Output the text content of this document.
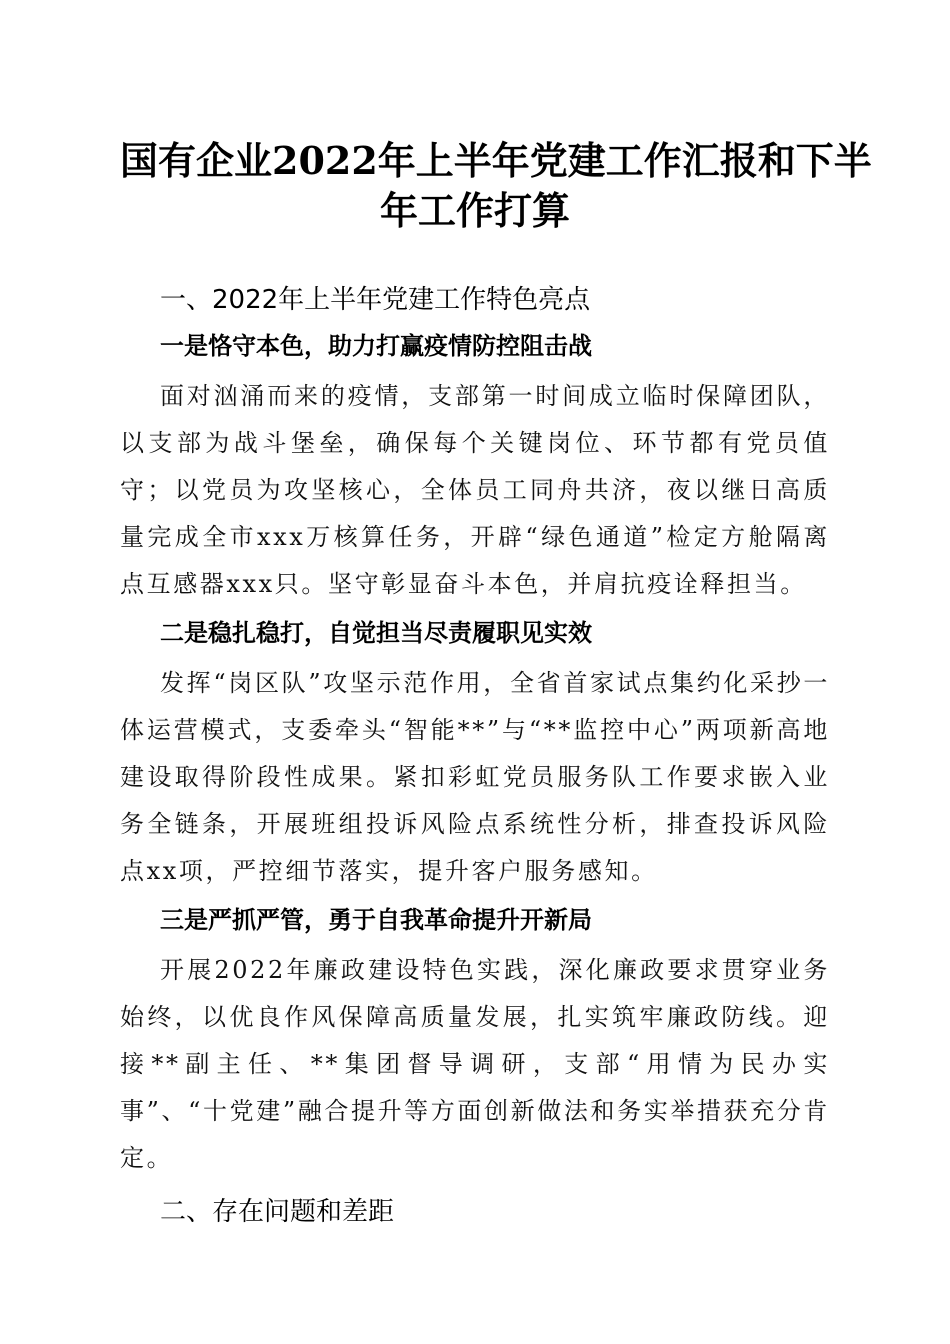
国有企业2022年上半年党建工作汇报和下半
年工作打算

一、2022年上半年党建工作特色亮点

一是恪守本色，助力打赢疫情防控阻击战

面对汹涌而来的疫情，支部第一时间成立临时保障团队，以支部为战斗堡垒，确保每个关键岗位、环节都有党员值守；以党员为攻坚核心，全体员工同舟共济，夜以继日高质量完成全市xxx万核算任务，开辟“绿色通道”检定方舱隔离点互感器xxx只。坚守彰显奋斗本色，并肩抗疫诠释担当。

二是稳扎稳打，自觉担当尽责履职见实效

发挥“岗区队”攻坚示范作用，全省首家试点集约化采抄一体运营模式，支委牵头“智能**”与“**监控中心”两项新高地建设取得阶段性成果。紧扣彩虹党员服务队工作要求嵌入业务全链条，开展班组投诉风险点系统性分析，排查投诉风险点xx项，严控细节落实，提升客户服务感知。

三是严抓严管，勇于自我革命提升开新局

开展2022年廉政建设特色实践，深化廉政要求贯穿业务始终，以优良作风保障高质量发展，扎实筑牢廉政防线。迎接**副主任、**集团督导调研，支部“用情为民办实事”、“十党建”融合提升等方面创新做法和务实举措获充分肯定。

二、存在问题和差距
